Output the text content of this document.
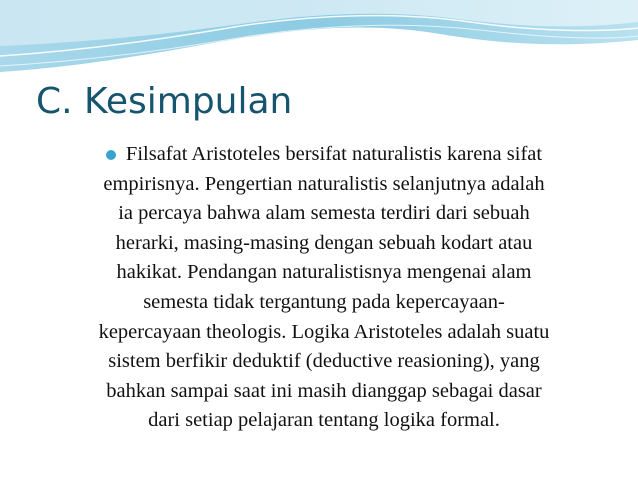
C. Kesimpulan
Filsafat Aristoteles bersifat naturalistis karena sifat
empirisnya. Pengertian naturalistis selanjutnya adalah
ia percaya bahwa alam semesta terdiri dari sebuah
herarki, masing-masing dengan sebuah kodart atau
hakikat. Pendangan naturalistisnya mengenai alam
semesta tidak tergantung pada kepercayaan-
kepercayaan theologis. Logika Aristoteles adalah suatu
sistem berfikir deduktif (deductive reasioning), yang
bahkan sampai saat ini masih dianggap sebagai dasar
dari setiap pelajaran tentang logika formal.
